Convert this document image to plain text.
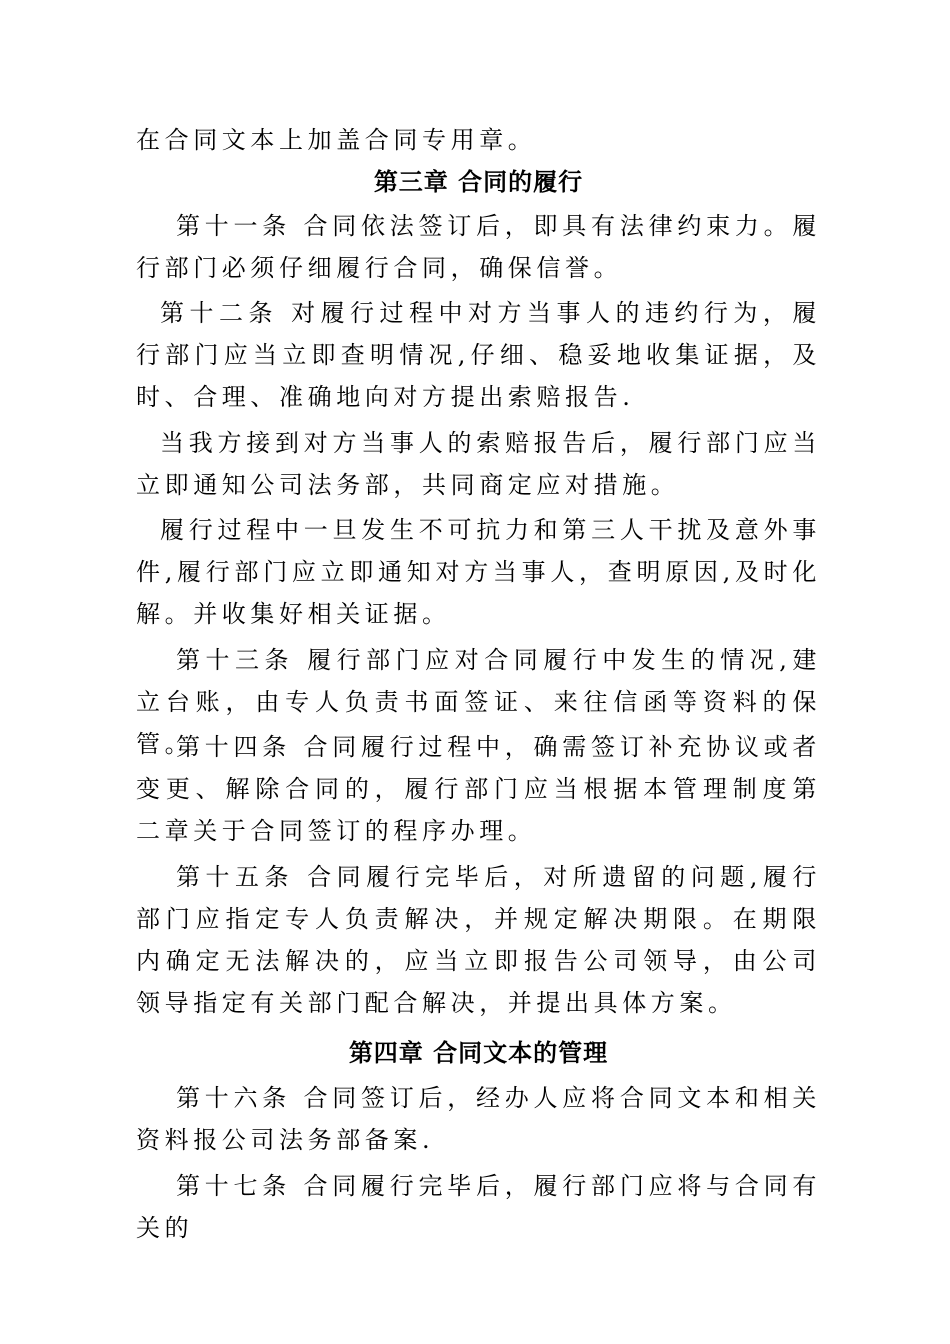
在合同文本上加盖合同专用章。

第三章 合同的履行

第十一条 合同依法签订后，即具有法律约束力。履行部门必须仔细履行合同，确保信誉。

第十二条 对履行过程中对方当事人的违约行为，履行部门应当立即查明情况,仔细、稳妥地收集证据，及时、合理、准确地向对方提出索赔报告.

当我方接到对方当事人的索赔报告后，履行部门应当立即通知公司法务部，共同商定应对措施。

履行过程中一旦发生不可抗力和第三人干扰及意外事件,履行部门应立即通知对方当事人，查明原因,及时化解。并收集好相关证据。

第十三条 履行部门应对合同履行中发生的情况,建立台账，由专人负责书面签证、来往信函等资料的保管。

第十四条 合同履行过程中，确需签订补充协议或者变更、解除合同的，履行部门应当根据本管理制度第二章关于合同签订的程序办理。

第十五条 合同履行完毕后，对所遗留的问题,履行部门应指定专人负责解决，并规定解决期限。在期限内确定无法解决的，应当立即报告公司领导，由公司领导指定有关部门配合解决，并提出具体方案。

第四章 合同文本的管理

第十六条 合同签订后，经办人应将合同文本和相关资料报公司法务部备案.

第十七条 合同履行完毕后，履行部门应将与合同有关的
